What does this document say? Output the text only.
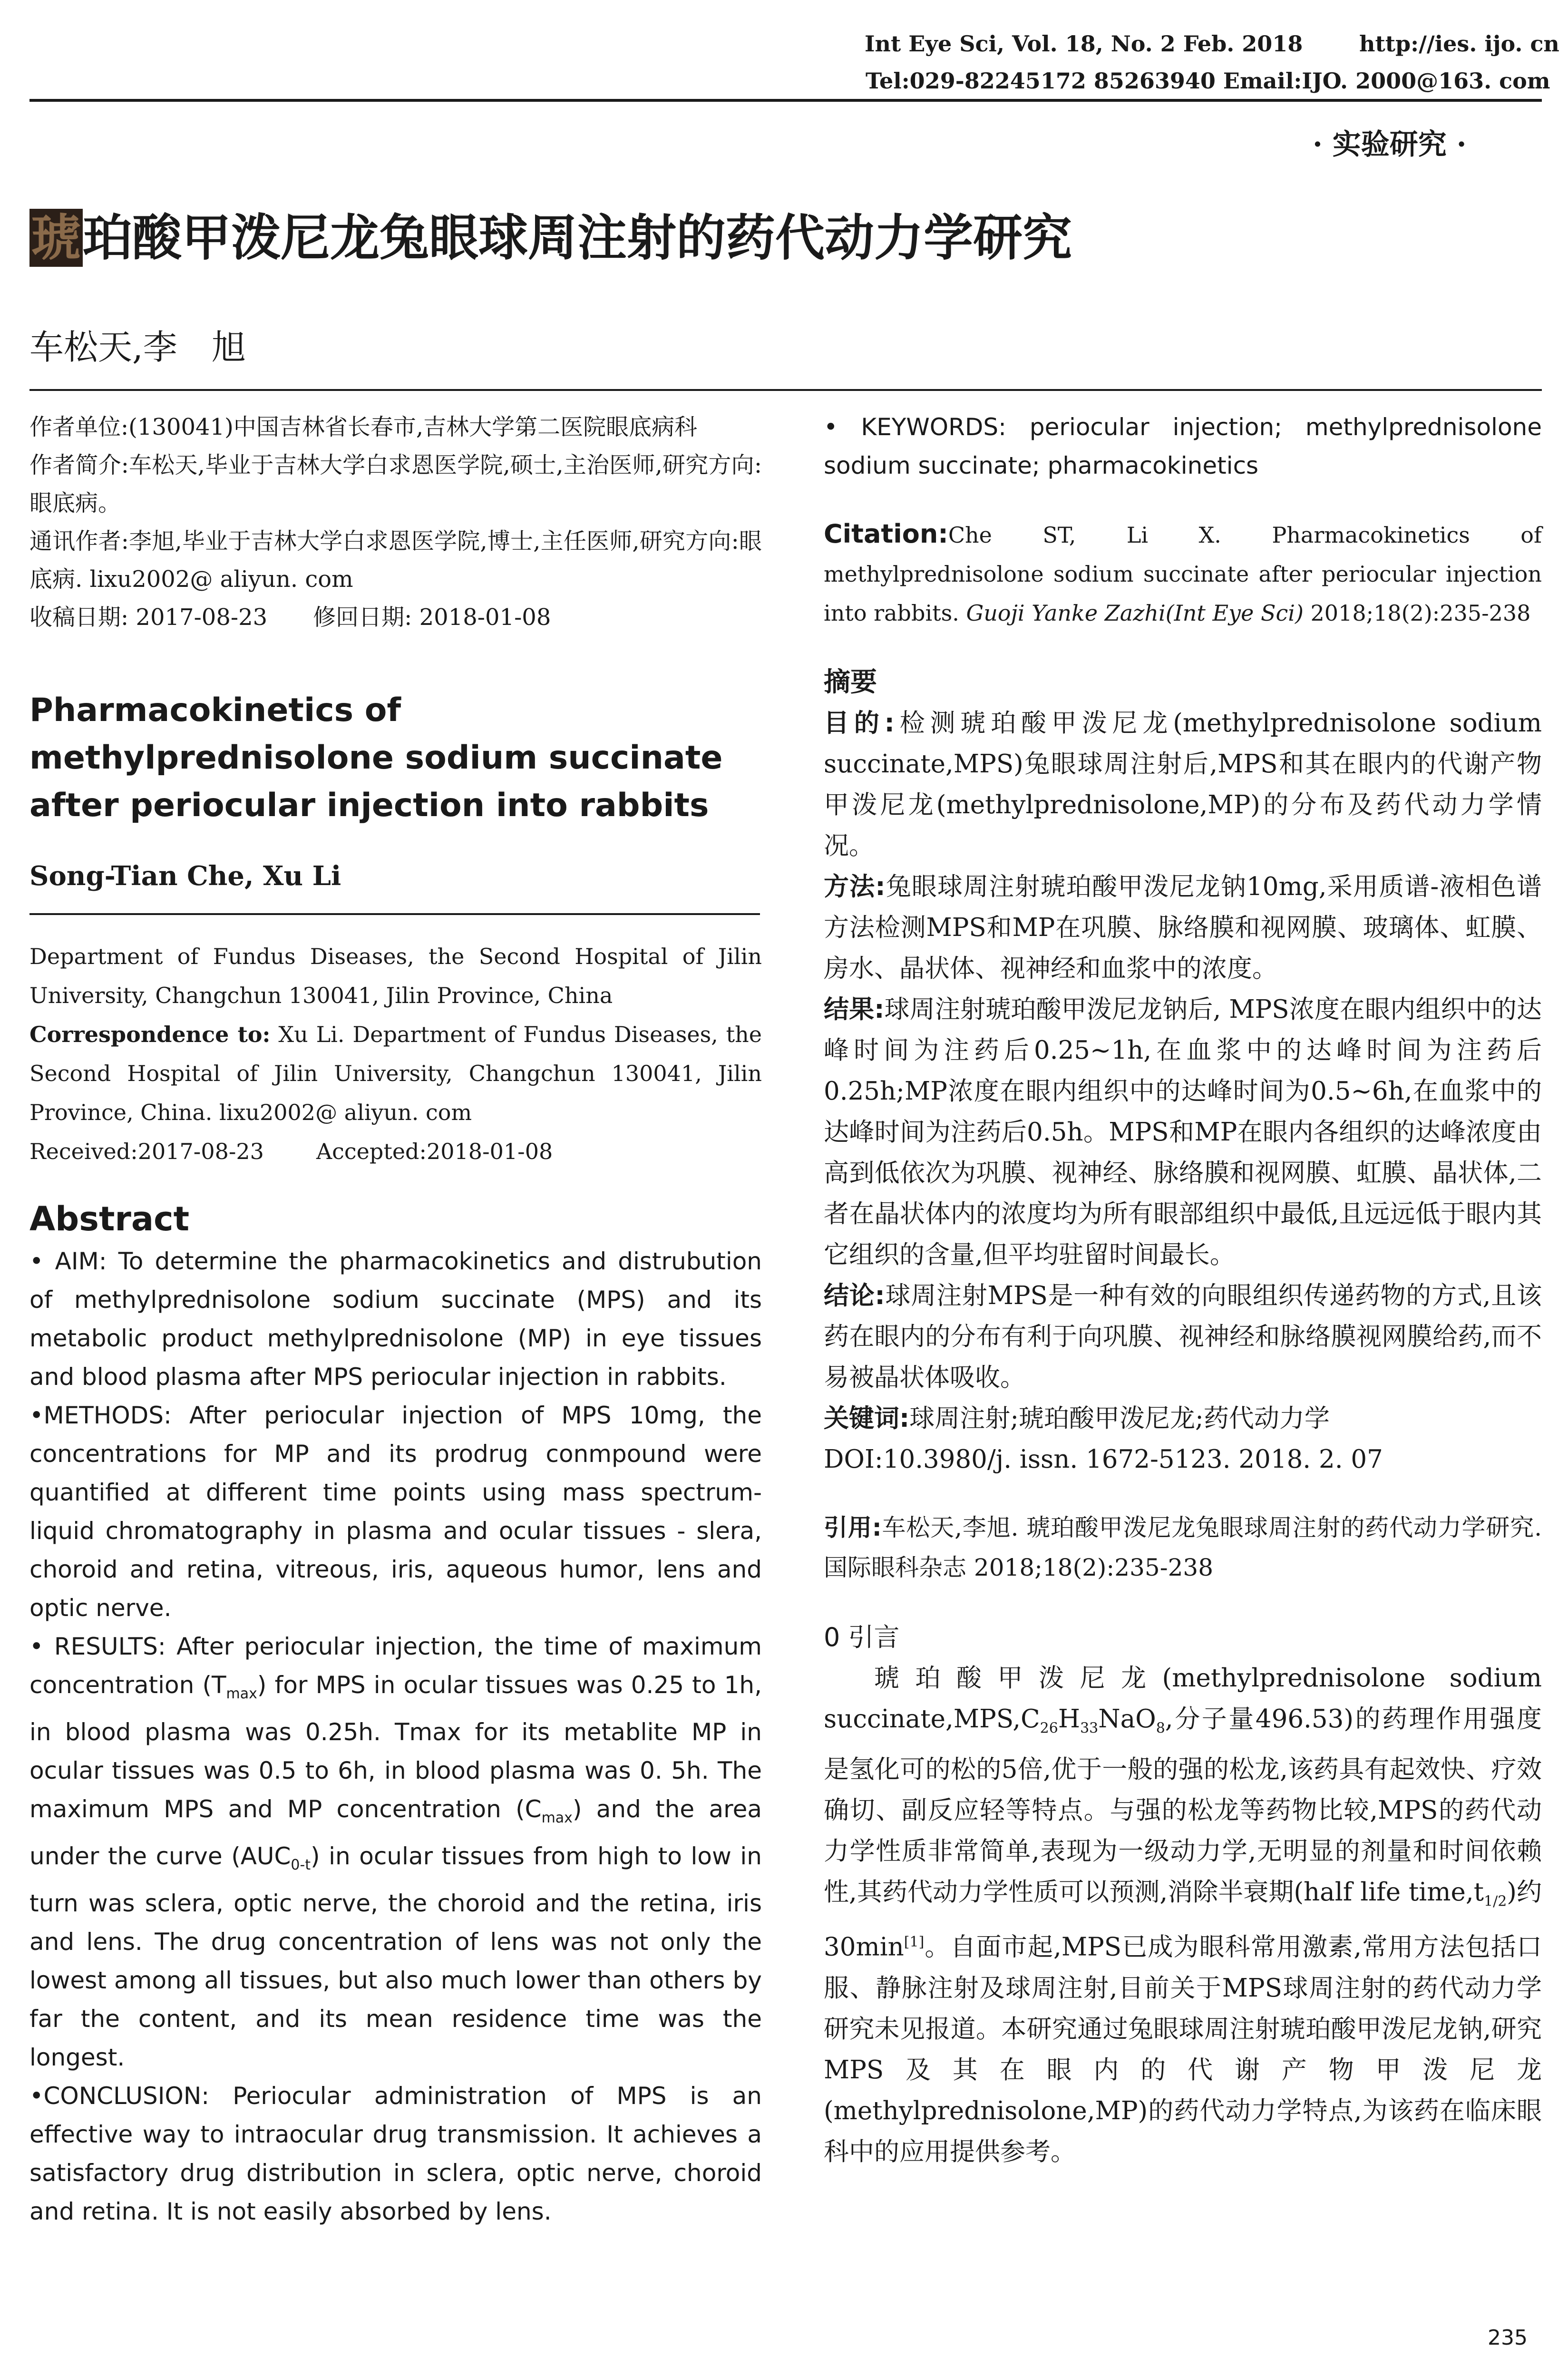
Int Eye Sci, Vol. 18, No. 2 Feb. 2018	http://ies. ijo. cn
Tel:029-82245172 85263940 Email:IJO. 2000@163. com
· 实验研究 ·
琥珀酸甲泼尼龙兔眼球周注射的药代动力学研究
车松天,李　旭

作者单位:(130041)中国吉林省长春市,吉林大学第二医院眼底病科

作者简介:车松天,毕业于吉林大学白求恩医学院,硕士,主治医师,研究方向:眼底病。

通讯作者:李旭,毕业于吉林大学白求恩医学院,博士,主任医师,研究方向:眼底病. lixu2002@ aliyun. com

收稿日期: 2017-08-23　　修回日期: 2018-01-08

Pharmacokinetics of methylprednisolone sodium succinate after periocular injection into rabbits
Song-Tian Che, Xu Li

Department of Fundus Diseases, the Second Hospital of Jilin University, Changchun 130041, Jilin Province, China

Correspondence to: Xu Li. Department of Fundus Diseases, the Second Hospital of Jilin University, Changchun 130041, Jilin Province, China. lixu2002@ aliyun. com

Received:2017-08-23 Accepted:2018-01-08

Abstract

• AIM: To determine the pharmacokinetics and distrubution of methylprednisolone sodium succinate (MPS) and its metabolic product methylprednisolone (MP) in eye tissues and blood plasma after MPS periocular injection in rabbits.

•METHODS: After periocular injection of MPS 10mg, the concentrations for MP and its prodrug conmpound were quantified at different time points using mass spectrum-liquid chromatography in plasma and ocular tissues - slera, choroid and retina, vitreous, iris, aqueous humor, lens and optic nerve.

• RESULTS: After periocular injection, the time of maximum concentration $(T_{max})$ for MPS in ocular tissues was 0.25 to 1h, in blood plasma was 0.25h. Tmax for its metablite MP in ocular tissues was 0.5 to 6h, in blood plasma was 0. 5h. The maximum MPS and MP concentration $(C_{max})$ and the area under the curve $(AUC_{0-t})$ in ocular tissues from high to low in turn was sclera, optic nerve, the choroid and the retina, iris and lens. The drug concentration of lens was not only the lowest among all tissues, but also much lower than others by far the content, and its mean residence time was the longest.

•CONCLUSION: Periocular administration of MPS is an effective way to intraocular drug transmission. It achieves a satisfactory drug distribution in sclera, optic nerve, choroid and retina. It is not easily absorbed by lens.

• KEYWORDS: periocular injection; methylprednisolone sodium succinate; pharmacokinetics

Citation:Che ST, Li X. Pharmacokinetics of methylprednisolone sodium succinate after periocular injection into rabbits. Guoji Yanke Zazhi(Int Eye Sci) 2018;18(2):235-238
摘要

目的:检测琥珀酸甲泼尼龙(methylprednisolone sodium succinate,MPS)兔眼球周注射后,MPS和其在眼内的代谢产物甲泼尼龙(methylprednisolone,MP)的分布及药代动力学情况。

方法:兔眼球周注射琥珀酸甲泼尼龙钠10mg,采用质谱-液相色谱方法检测MPS和MP在巩膜、脉络膜和视网膜、玻璃体、虹膜、房水、晶状体、视神经和血浆中的浓度。

结果:球周注射琥珀酸甲泼尼龙钠后, MPS浓度在眼内组织中的达峰时间为注药后0.25~1h,在血浆中的达峰时间为注药后0.25h;MP浓度在眼内组织中的达峰时间为0.5~6h,在血浆中的达峰时间为注药后0.5h。MPS和MP在眼内各组织的达峰浓度由高到低依次为巩膜、视神经、脉络膜和视网膜、虹膜、晶状体,二者在晶状体内的浓度均为所有眼部组织中最低,且远远低于眼内其它组织的含量,但平均驻留时间最长。

结论:球周注射MPS是一种有效的向眼组织传递药物的方式,且该药在眼内的分布有利于向巩膜、视神经和脉络膜视网膜给药,而不易被晶状体吸收。

关键词:球周注射;琥珀酸甲泼尼龙;药代动力学

DOI:10.3980/j. issn. 1672-5123. 2018. 2. 07

引用:车松天,李旭. 琥珀酸甲泼尼龙兔眼球周注射的药代动力学研究. 国际眼科杂志 2018;18(2):235-238
0 引言
琥珀酸甲泼尼龙(methylprednisolone sodium $succinate,MPS,C_{26}H_{33}NaO_8$,分子量496.53)的药理作用强度是氢化可的松的5倍,优于一般的强的松龙,该药具有起效快、疗效确切、副反应轻等特点。与强的松龙等药物比较,MPS的药代动力学性质非常简单,表现为一级动力学,无明显的剂量和时间依赖性,其药代动力学性质可以预测,消除半衰期(half life $time,t_{1/2}$)约30min[1]。自面市起,MPS已成为眼科常用激素,常用方法包括口服、静脉注射及球周注射,目前关于MPS球周注射的药代动力学研究未见报道。本研究通过兔眼球周注射琥珀酸甲泼尼龙钠,研究MPS及其在眼内的代谢产物甲泼尼龙(methylprednisolone,MP)的药代动力学特点,为该药在临床眼科中的应用提供参考。
235
